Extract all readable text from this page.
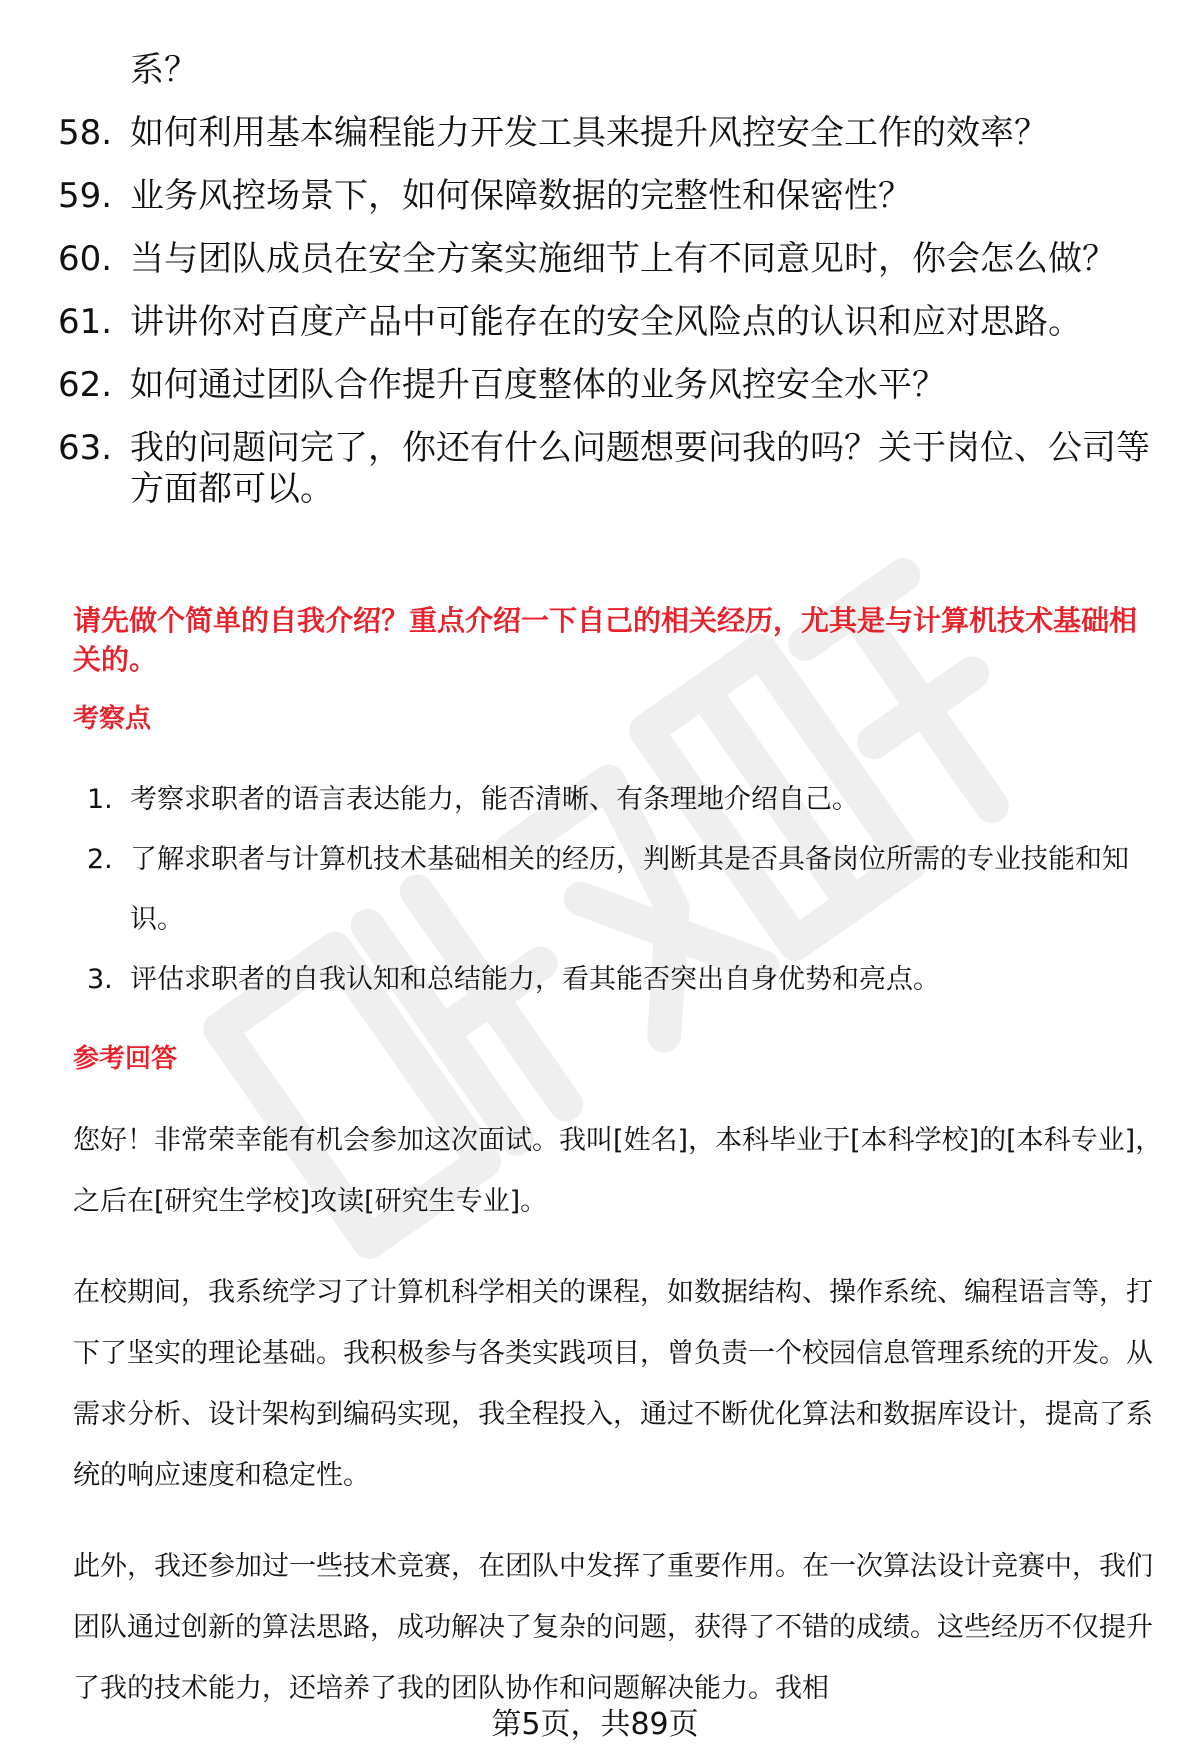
系？
58. 如何利用基本编程能力开发工具来提升风控安全工作的效率？
59. 业务风控场景下，如何保障数据的完整性和保密性？
60. 当与团队成员在安全方案实施细节上有不同意见时，你会怎么做？
61. 讲讲你对百度产品中可能存在的安全风险点的认识和应对思路。
62. 如何通过团队合作提升百度整体的业务风控安全水平？
63. 我的问题问完了，你还有什么问题想要问我的吗？关于岗位、公司等方面都可以。
请先做个简单的自我介绍？重点介绍一下自己的相关经历，尤其是与计算机技术基础相关的。
考察点
1. 考察求职者的语言表达能力，能否清晰、有条理地介绍自己。
2. 了解求职者与计算机技术基础相关的经历，判断其是否具备岗位所需的专业技能和知识。
3. 评估求职者的自我认知和总结能力，看其能否突出自身优势和亮点。
参考回答
您好！非常荣幸能有机会参加这次面试。我叫[姓名]，本科毕业于[本科学校]的[本科专业]，之后在[研究生学校]攻读[研究生专业]。
在校期间，我系统学习了计算机科学相关的课程，如数据结构、操作系统、编程语言等，打下了坚实的理论基础。我积极参与各类实践项目，曾负责一个校园信息管理系统的开发。从需求分析、设计架构到编码实现，我全程投入，通过不断优化算法和数据库设计，提高了系统的响应速度和稳定性。
此外，我还参加过一些技术竞赛，在团队中发挥了重要作用。在一次算法设计竞赛中，我们团队通过创新的算法思路，成功解决了复杂的问题，获得了不错的成绩。这些经历不仅提升了我的技术能力，还培养了我的团队协作和问题解决能力。我相
第5页，共89页
